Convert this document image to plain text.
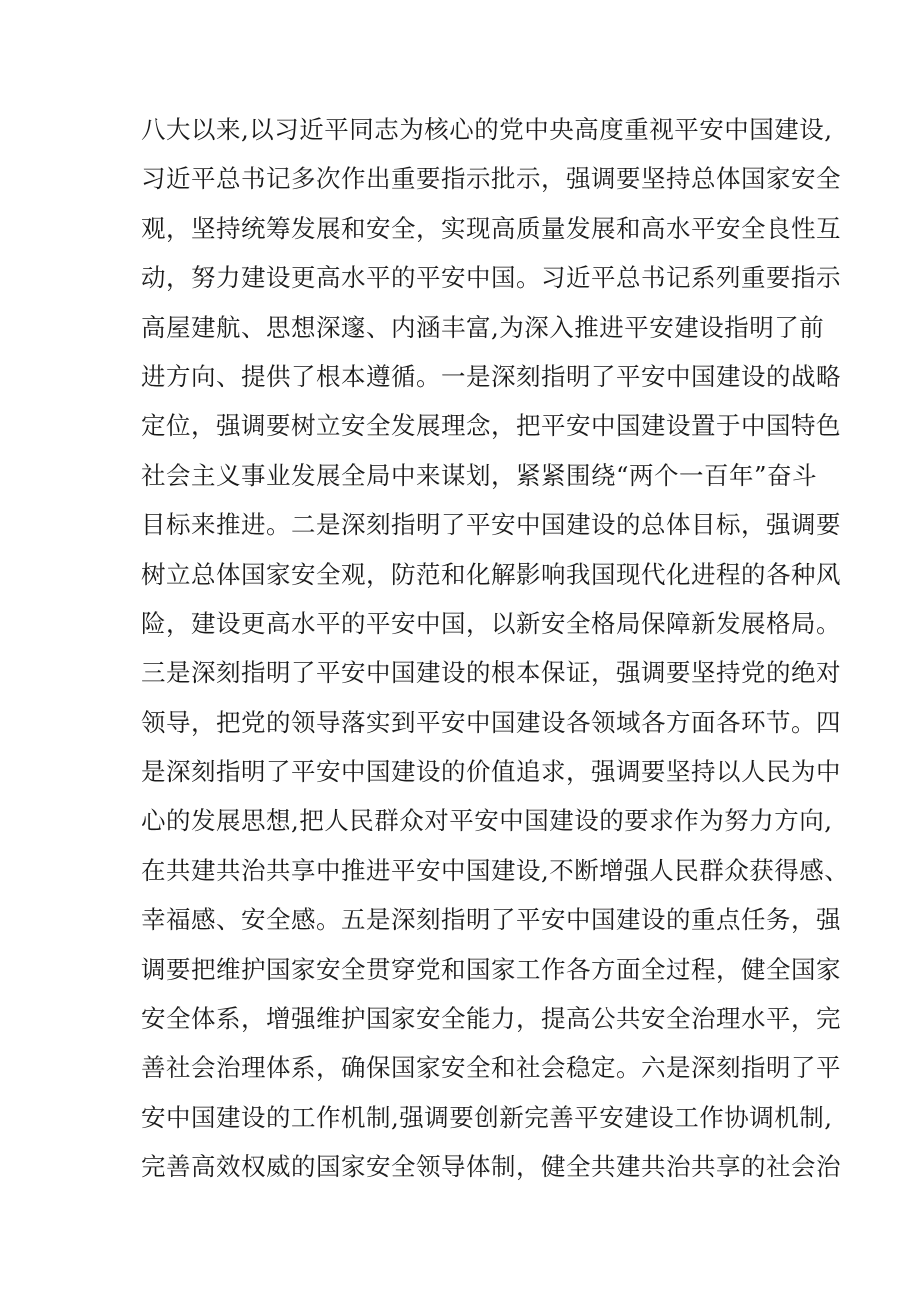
八大以来,以习近平同志为核心的党中央高度重视平安中国建设,
习近平总书记多次作出重要指示批示，强调要坚持总体国家安全
观，坚持统筹发展和安全，实现高质量发展和高水平安全良性互
动，努力建设更高水平的平安中国。习近平总书记系列重要指示
高屋建航、思想深邃、内涵丰富,为深入推进平安建设指明了前
进方向、提供了根本遵循。一是深刻指明了平安中国建设的战略
定位，强调要树立安全发展理念，把平安中国建设置于中国特色
社会主义事业发展全局中来谋划，紧紧围绕“两个一百年”奋斗
目标来推进。二是深刻指明了平安中国建设的总体目标，强调要
树立总体国家安全观，防范和化解影响我国现代化进程的各种风
险，建设更高水平的平安中国，以新安全格局保障新发展格局。
三是深刻指明了平安中国建设的根本保证，强调要坚持党的绝对
领导，把党的领导落实到平安中国建设各领域各方面各环节。四
是深刻指明了平安中国建设的价值追求，强调要坚持以人民为中
心的发展思想,把人民群众对平安中国建设的要求作为努力方向,
在共建共治共享中推进平安中国建设,不断增强人民群众获得感、
幸福感、安全感。五是深刻指明了平安中国建设的重点任务，强
调要把维护国家安全贯穿党和国家工作各方面全过程，健全国家
安全体系，增强维护国家安全能力，提高公共安全治理水平，完
善社会治理体系，确保国家安全和社会稳定。六是深刻指明了平
安中国建设的工作机制,强调要创新完善平安建设工作协调机制,
完善高效权威的国家安全领导体制，健全共建共治共享的社会治
